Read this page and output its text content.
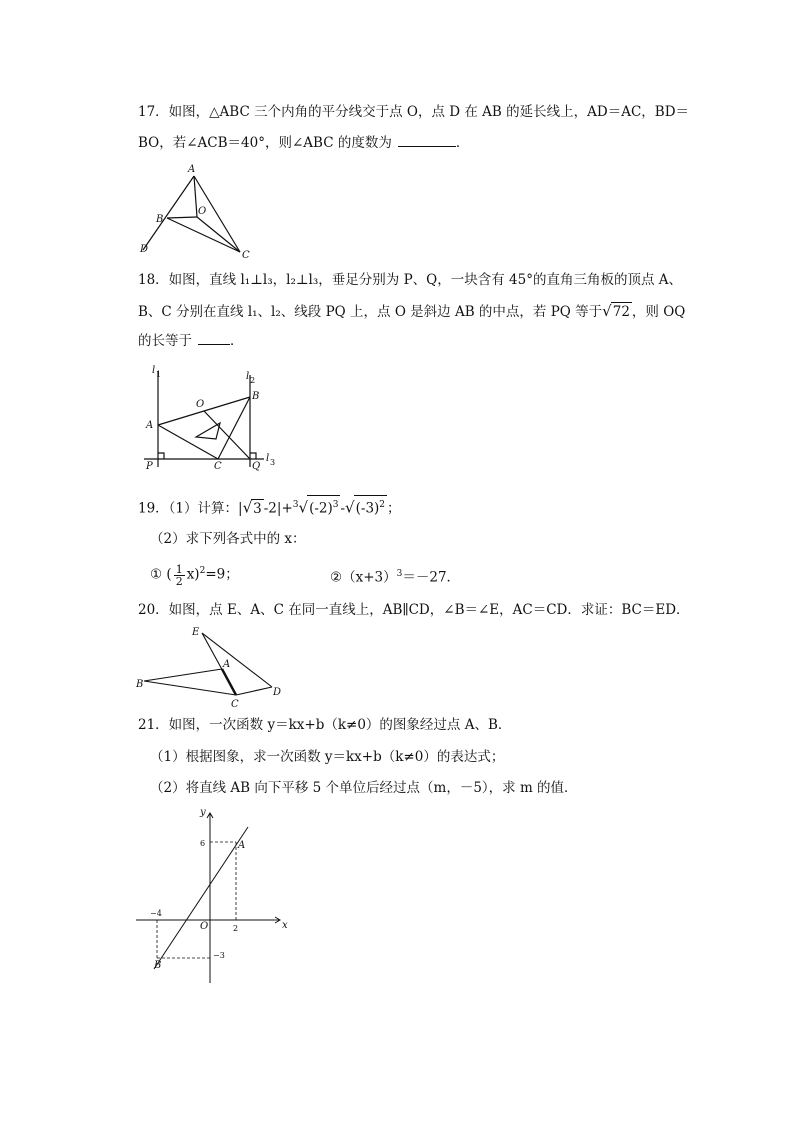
17．如图，△ABC 三个内角的平分线交于点 O，点 D 在 AB 的延长线上，AD＝AC，BD＝
BO，若∠ACB＝40°，则∠ABC 的度数为	．
A
B
O
C
D
18．如图，直线 l₁⊥l₃，l₂⊥l₃，垂足分别为 P、Q，一块含有 45°的直角三角板的顶点 A、
B、C 分别在直线 l₁、l₂、线段 PQ 上，点 O 是斜边 AB 的中点，若 PQ 等于√72 ，则 OQ
的长等于	．
l 1	l 2
l 3
O
B
A
P	C	Q
19．（1）计算：|√3 $-2|+^3√(-2)^3$ $-√(-3)^2$ ；
（2）求下列各式中的 x：
① ( $\frac{1}{2} x)^2=9$；	$②(x+3)^3=-27$．
20．如图，点 E、A、C 在同一直线上，AB∥CD，∠B＝∠E，AC＝CD．求证：BC＝ED．
E
A
B
C
D
21．如图，一次函数 y＝kx+b（k≠0）的图象经过点 A、B．
（1）根据图象，求一次函数 y＝kx+b（k≠0）的表达式；
（2）将直线 AB 向下平移 5 个单位后经过点（m，－5），求 m 的值．
y
x
O
6
−4
2
−3
A
B
